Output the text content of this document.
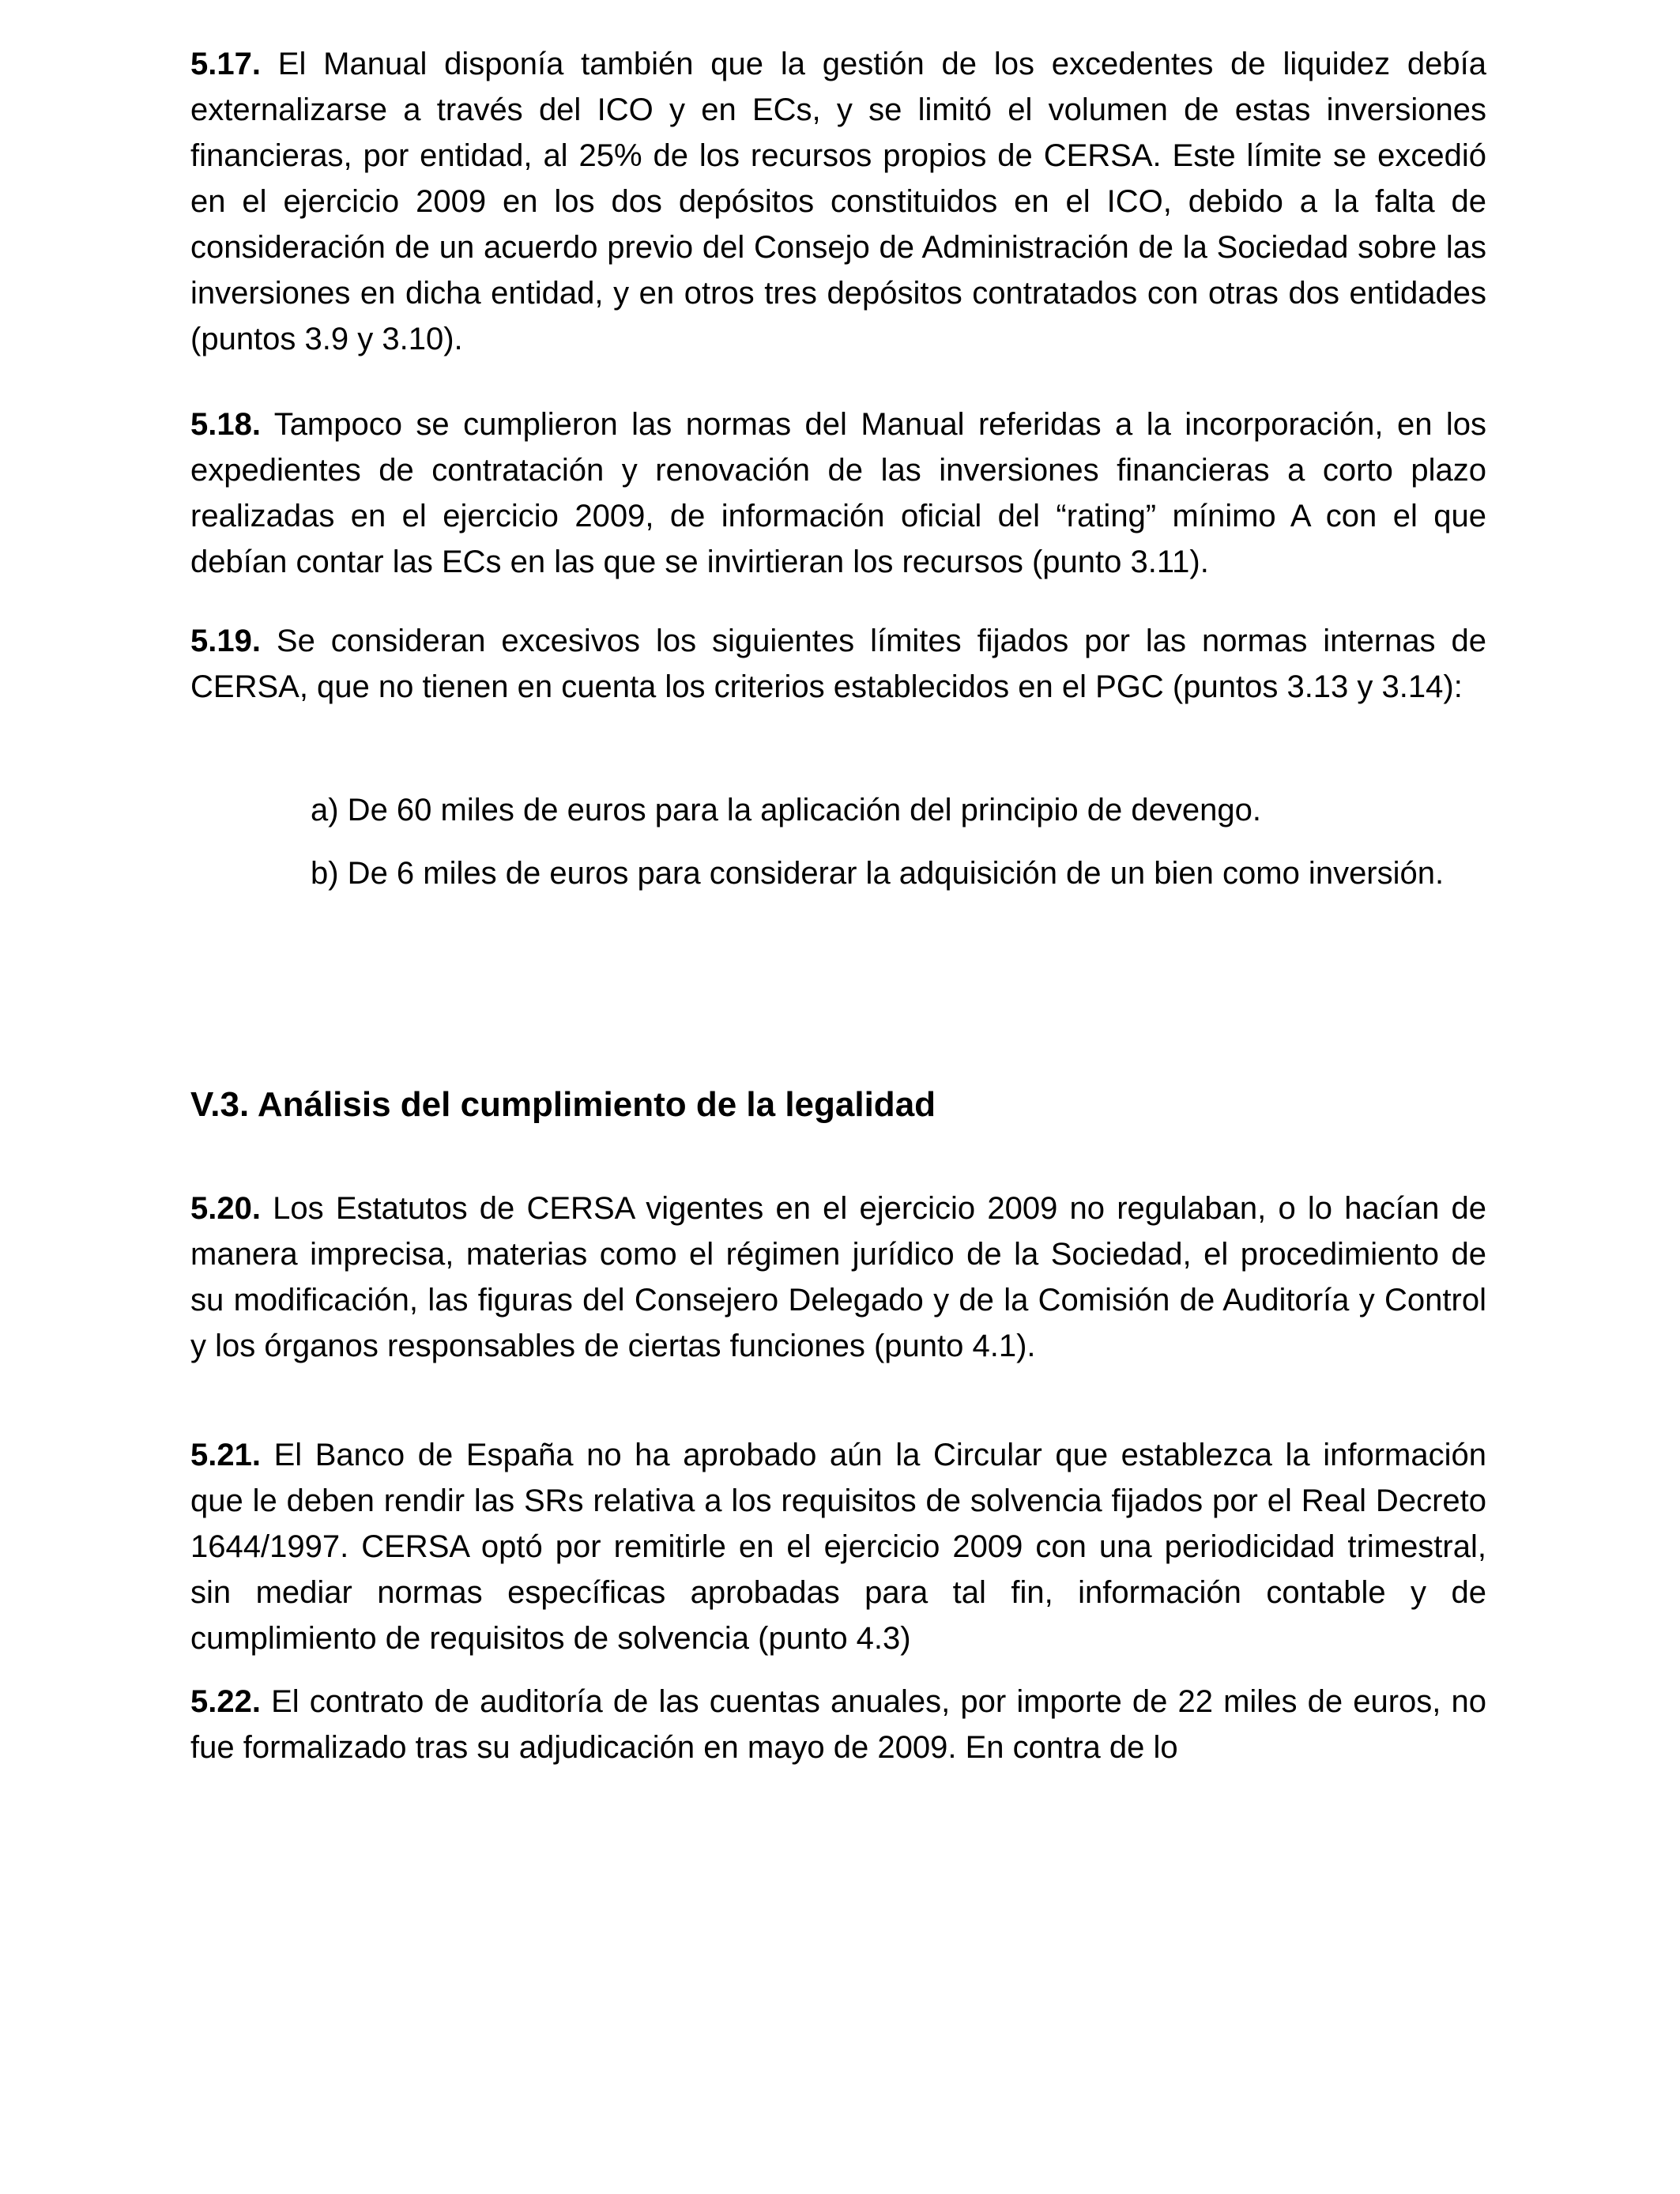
5.17. El Manual disponía también que la gestión de los excedentes de liquidez debía externalizarse a través del ICO y en ECs, y se limitó el volumen de estas inversiones financieras, por entidad, al 25% de los recursos propios de CERSA. Este límite se excedió en el ejercicio 2009 en los dos depósitos constituidos en el ICO, debido a la falta de consideración de un acuerdo previo del Consejo de Administración de la Sociedad sobre las inversiones en dicha entidad, y en otros tres depósitos contratados con otras dos entidades (puntos 3.9 y 3.10).

5.18. Tampoco se cumplieron las normas del Manual referidas a la incorporación, en los expedientes de contratación y renovación de las inversiones financieras a corto plazo realizadas en el ejercicio 2009, de información oficial del “rating” mínimo A con el que debían contar las ECs en las que se invirtieran los recursos (punto 3.11).

5.19. Se consideran excesivos los siguientes límites fijados por las normas internas de CERSA, que no tienen en cuenta los criterios establecidos en el PGC (puntos 3.13 y 3.14):

a) De 60 miles de euros para la aplicación del principio de devengo.

b) De 6 miles de euros para considerar la adquisición de un bien como inversión.

V.3. Análisis del cumplimiento de la legalidad

5.20. Los Estatutos de CERSA vigentes en el ejercicio 2009 no regulaban, o lo hacían de manera imprecisa, materias como el régimen jurídico de la Sociedad, el procedimiento de su modificación, las figuras del Consejero Delegado y de la Comisión de Auditoría y Control y los órganos responsables de ciertas funciones (punto 4.1).

5.21. El Banco de España no ha aprobado aún la Circular que establezca la información que le deben rendir las SRs relativa a los requisitos de solvencia fijados por el Real Decreto 1644/1997. CERSA optó por remitirle en el ejercicio 2009 con una periodicidad trimestral, sin mediar normas específicas aprobadas para tal fin, información contable y de cumplimiento de requisitos de solvencia (punto 4.3)

5.22. El contrato de auditoría de las cuentas anuales, por importe de 22 miles de euros, no fue formalizado tras su adjudicación en mayo de 2009. En contra de lo
